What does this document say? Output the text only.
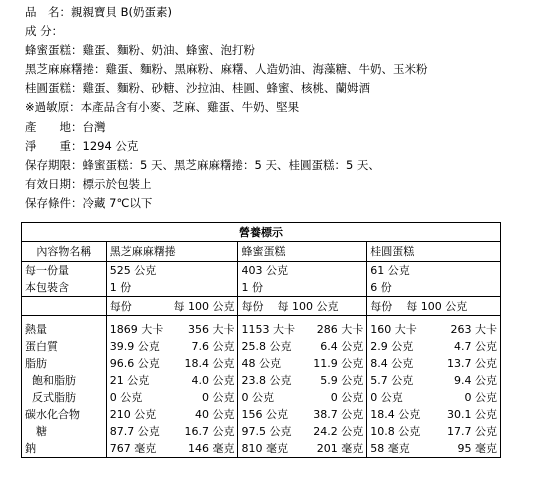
品　名：親親寶貝 B(奶蛋素)
成 分：
蜂蜜蛋糕：雞蛋、麵粉、奶油、蜂蜜、泡打粉
黑芝麻麻糬捲：雞蛋、麵粉、黑麻粉、麻糬、人造奶油、海藻糖、牛奶、玉米粉
桂圓蛋糕：雞蛋、麵粉、砂糖、沙拉油、桂圓、蜂蜜、核桃、蘭姆酒
※過敏原：本產品含有小麥、芝麻、雞蛋、牛奶、堅果
產　　地：台灣
淨　　重：1294 公克
保存期限：蜂蜜蛋糕：5 天、黑芝麻麻糬捲：5 天、桂圓蛋糕：5 天、
有效日期：標示於包裝上
保存條件：冷藏 7℃以下
營養標示			
內容物名稱	黑芝麻麻糬捲	蜂蜜蛋糕	桂圓蛋糕
每一份量	525 公克	403 公克	61 公克
本包裝含	1 份	1 份	6 份

	每份 每 100 公克	每份 每 100 公克	每份 每 100 公克

熱量	1869 大卡 356 大卡	1153 大卡 286 大卡	160 大卡 263 大卡

蛋白質	39.9 公克 7.6 公克	25.8 公克 6.4 公克	2.9 公克 4.7 公克

脂肪	96.6 公克 18.4 公克	48 公克 11.9 公克	8.4 公克 13.7 公克

飽和脂肪	21 公克 4.0 公克	23.8 公克 5.9 公克	5.7 公克 9.4 公克

反式脂肪	0 公克 0 公克	0 公克 0 公克	0 公克 0 公克

碳水化合物	210 公克 40 公克	156 公克 38.7 公克	18.4 公克 30.1 公克

糖	87.7 公克 16.7 公克	97.5 公克 24.2 公克	10.8 公克 17.7 公克

鈉	767 毫克 146 毫克	810 毫克 201 毫克	58 毫克 95 毫克
